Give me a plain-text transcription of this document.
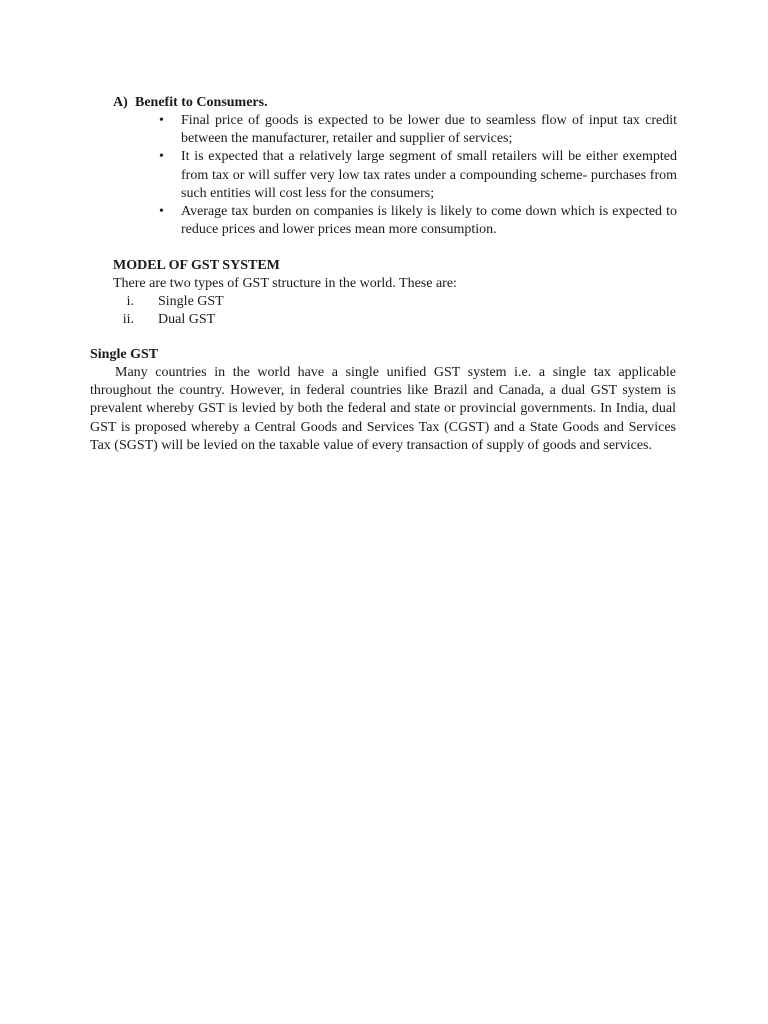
A) Benefit to Consumers.
• Final price of goods is expected to be lower due to seamless flow of input tax credit between the manufacturer, retailer and supplier of services;
• It is expected that a relatively large segment of small retailers will be either exempted from tax or will suffer very low tax rates under a compounding scheme- purchases from such entities will cost less for the consumers;
• Average tax burden on companies is likely is likely to come down which is expected to reduce prices and lower prices mean more consumption.
MODEL OF GST SYSTEM
There are two types of GST structure in the world. These are:
i. Single GST
ii. Dual GST
Single GST

Many countries in the world have a single unified GST system i.e. a single tax applicable throughout the country. However, in federal countries like Brazil and Canada, a dual GST system is prevalent whereby GST is levied by both the federal and state or provincial governments. In India, dual GST is proposed whereby a Central Goods and Services Tax (CGST) and a State Goods and Services Tax (SGST) will be levied on the taxable value of every transaction of supply of goods and services.
